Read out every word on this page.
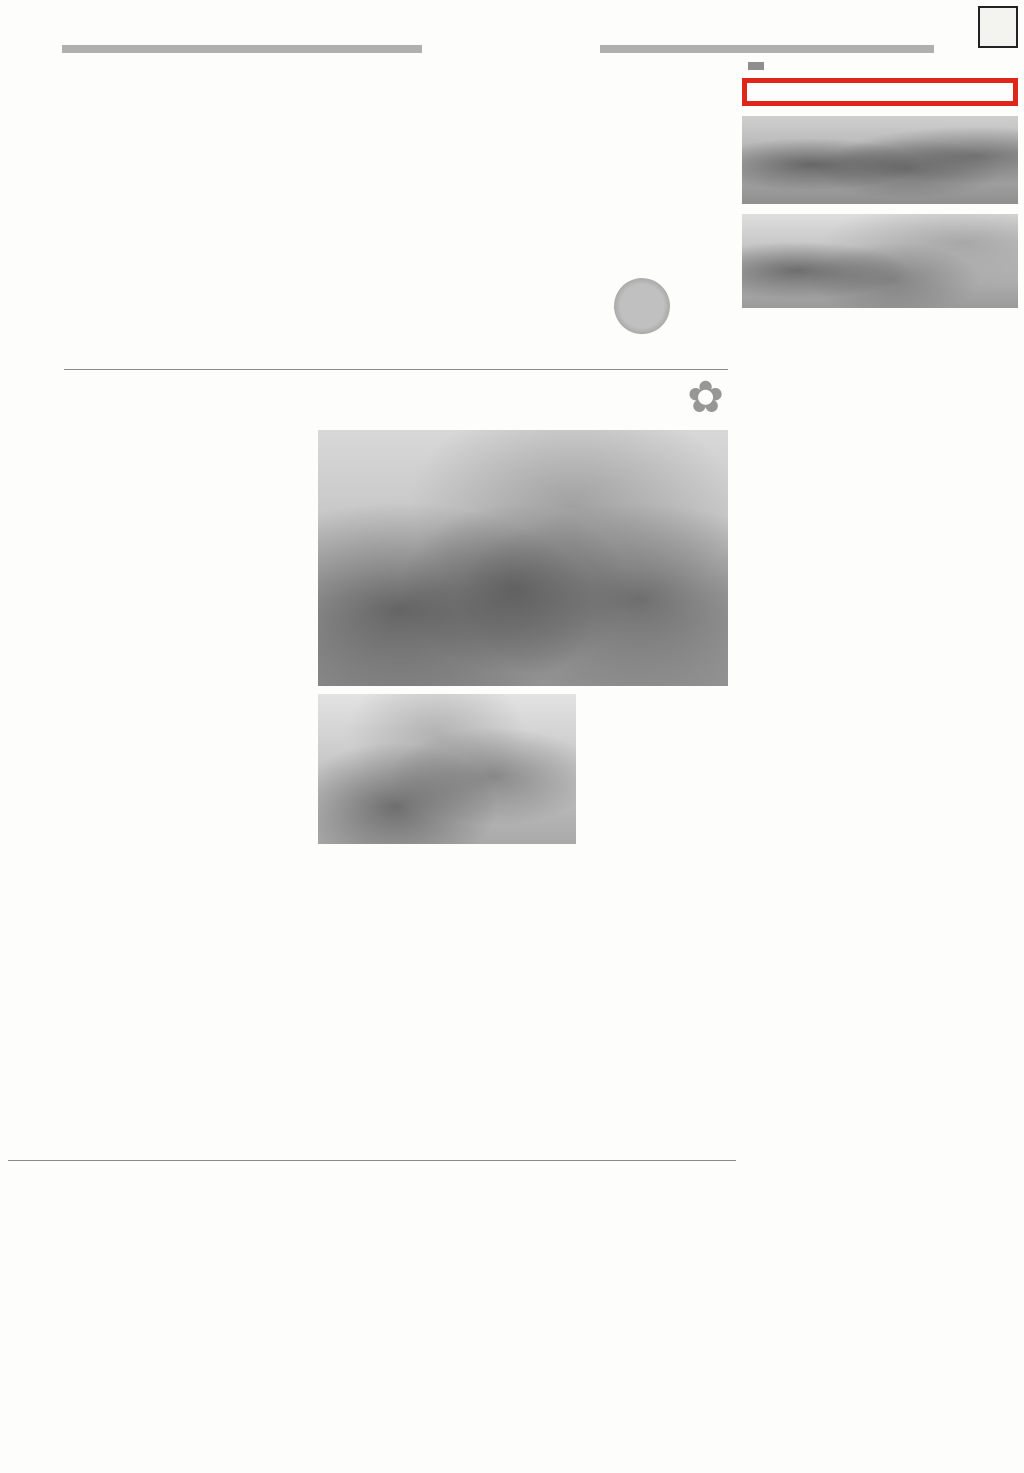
✿
